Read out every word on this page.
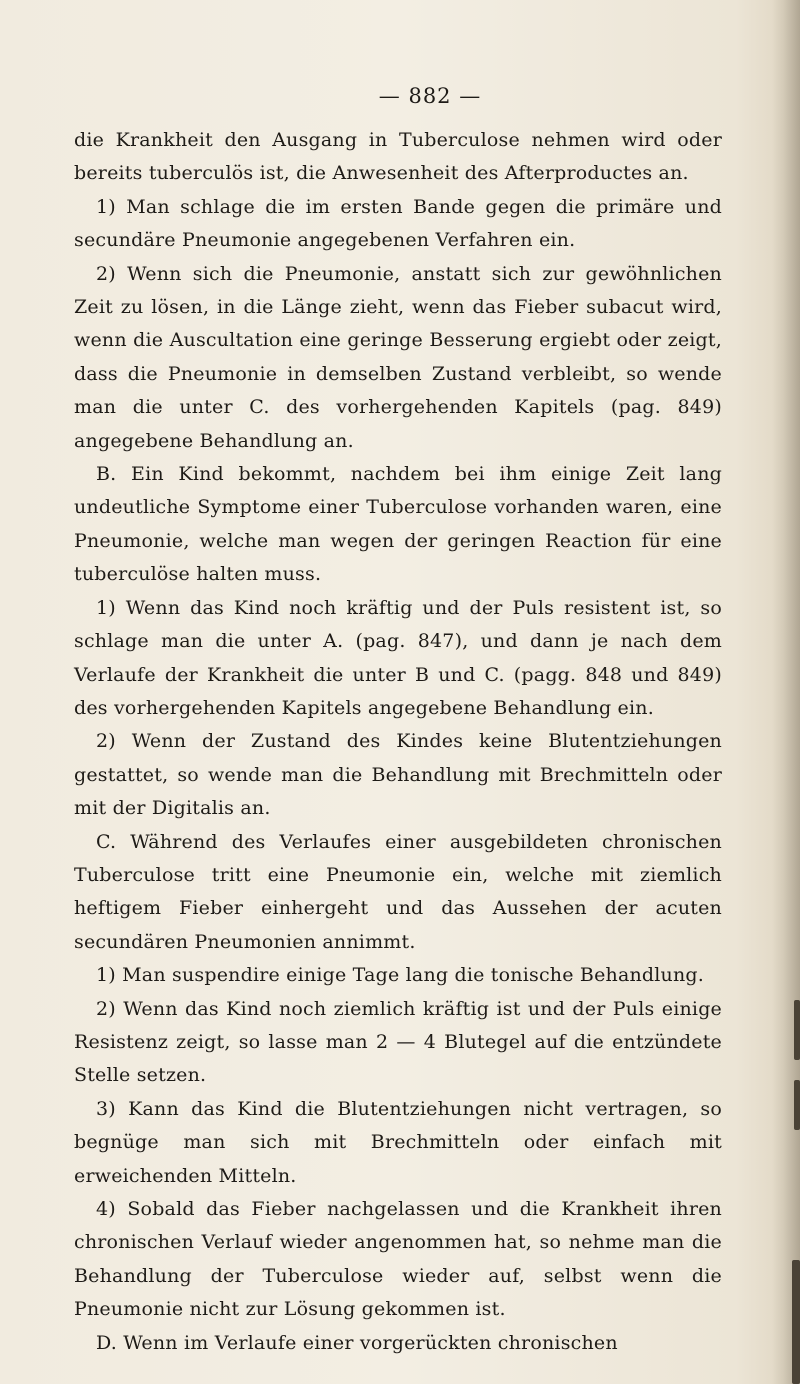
— 882 —

die Krankheit den Ausgang in Tuberculose nehmen wird oder bereits tuberculös ist, die Anwesenheit des Afterproductes an.

1) Man schlage die im ersten Bande gegen die primäre und secundäre Pneumonie angegebenen Verfahren ein.

2) Wenn sich die Pneumonie, anstatt sich zur gewöhnlichen Zeit zu lösen, in die Länge zieht, wenn das Fieber subacut wird, wenn die Auscultation eine geringe Besserung ergiebt oder zeigt, dass die Pneumonie in demselben Zustand verbleibt, so wende man die unter C. des vorhergehenden Kapitels (pag. 849) angegebene Behandlung an.

B. Ein Kind bekommt, nachdem bei ihm einige Zeit lang undeutliche Symptome einer Tuberculose vorhanden waren, eine Pneumonie, welche man wegen der geringen Reaction für eine tuberculöse halten muss.

1) Wenn das Kind noch kräftig und der Puls resistent ist, so schlage man die unter A. (pag. 847), und dann je nach dem Verlaufe der Krankheit die unter B und C. (pagg. 848 und 849) des vorhergehenden Kapitels angegebene Behandlung ein.

2) Wenn der Zustand des Kindes keine Blutentziehungen gestattet, so wende man die Behandlung mit Brechmitteln oder mit der Digitalis an.

C. Während des Verlaufes einer ausgebildeten chronischen Tuberculose tritt eine Pneumonie ein, welche mit ziemlich heftigem Fieber einhergeht und das Aussehen der acuten secundären Pneumonien annimmt.

1) Man suspendire einige Tage lang die tonische Behandlung.

2) Wenn das Kind noch ziemlich kräftig ist und der Puls einige Resistenz zeigt, so lasse man 2 — 4 Blutegel auf die entzündete Stelle setzen.

3) Kann das Kind die Blutentziehungen nicht vertragen, so begnüge man sich mit Brechmitteln oder einfach mit erweichenden Mitteln.

4) Sobald das Fieber nachgelassen und die Krankheit ihren chronischen Verlauf wieder angenommen hat, so nehme man die Behandlung der Tuberculose wieder auf, selbst wenn die Pneumonie nicht zur Lösung gekommen ist.

D. Wenn im Verlaufe einer vorgerückten chronischen
